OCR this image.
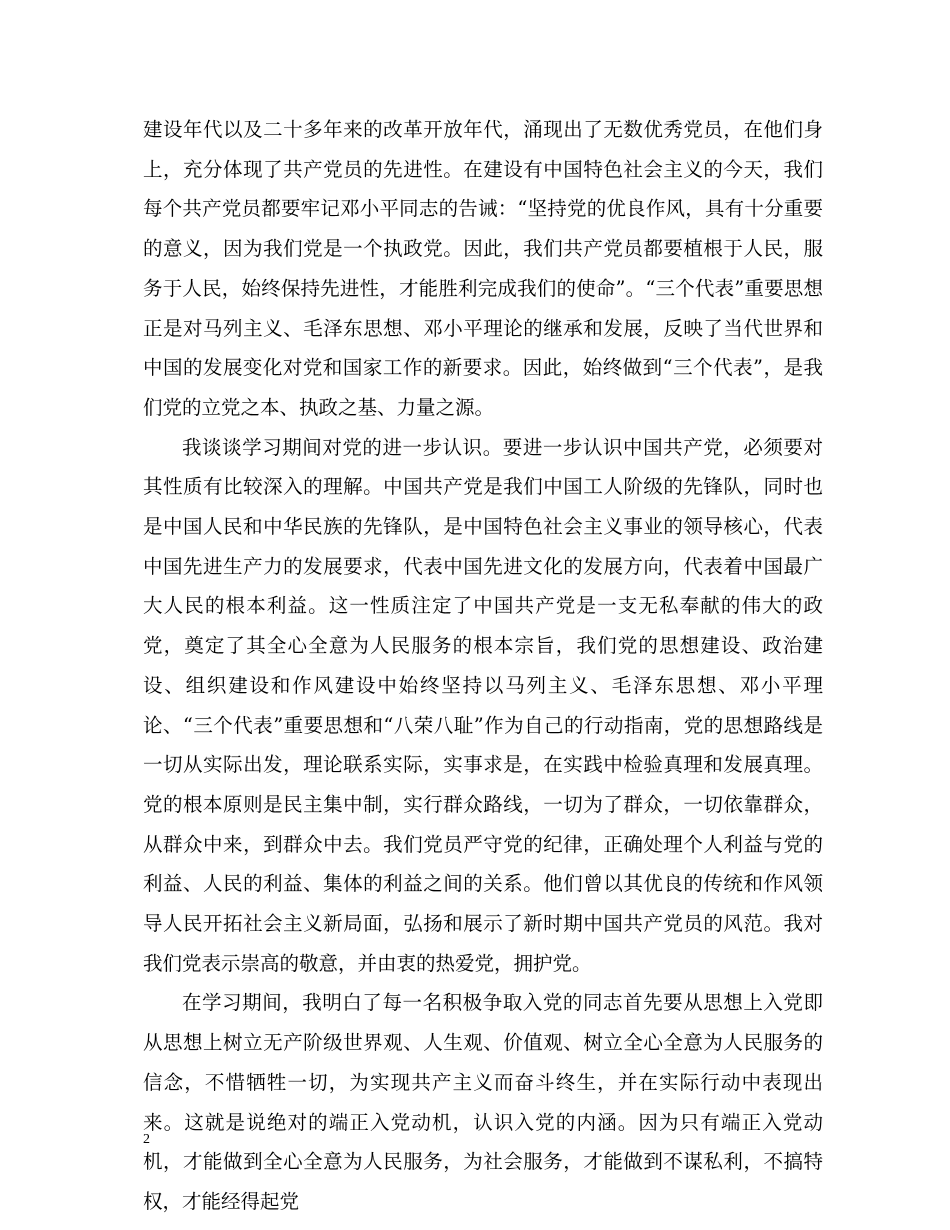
建设年代以及二十多年来的改革开放年代，涌现出了无数优秀党员，在他们身上，充分体现了共产党员的先进性。在建设有中国特色社会主义的今天，我们每个共产党员都要牢记邓小平同志的告诫：“坚持党的优良作风，具有十分重要的意义，因为我们党是一个执政党。因此，我们共产党员都要植根于人民，服务于人民，始终保持先进性，才能胜利完成我们的使命”。“三个代表”重要思想正是对马列主义、毛泽东思想、邓小平理论的继承和发展，反映了当代世界和中国的发展变化对党和国家工作的新要求。因此，始终做到“三个代表”，是我们党的立党之本、执政之基、力量之源。

我谈谈学习期间对党的进一步认识。要进一步认识中国共产党，必须要对其性质有比较深入的理解。中国共产党是我们中国工人阶级的先锋队，同时也是中国人民和中华民族的先锋队，是中国特色社会主义事业的领导核心，代表中国先进生产力的发展要求，代表中国先进文化的发展方向，代表着中国最广大人民的根本利益。这一性质注定了中国共产党是一支无私奉献的伟大的政党，奠定了其全心全意为人民服务的根本宗旨，我们党的思想建设、政治建设、组织建设和作风建设中始终坚持以马列主义、毛泽东思想、邓小平理论、“三个代表”重要思想和“八荣八耻”作为自己的行动指南，党的思想路线是一切从实际出发，理论联系实际，实事求是，在实践中检验真理和发展真理。党的根本原则是民主集中制，实行群众路线，一切为了群众，一切依靠群众，从群众中来，到群众中去。我们党员严守党的纪律，正确处理个人利益与党的利益、人民的利益、集体的利益之间的关系。他们曾以其优良的传统和作风领导人民开拓社会主义新局面，弘扬和展示了新时期中国共产党员的风范。我对我们党表示崇高的敬意，并由衷的热爱党，拥护党。

在学习期间，我明白了每一名积极争取入党的同志首先要从思想上入党即从思想上树立无产阶级世界观、人生观、价值观、树立全心全意为人民服务的信念，不惜牺牲一切，为实现共产主义而奋斗终生，并在实际行动中表现出来。这就是说绝对的端正入党动机，认识入党的内涵。因为只有端正入党动机，才能做到全心全意为人民服务，为社会服务，才能做到不谋私利，不搞特权，才能经得起党

2
